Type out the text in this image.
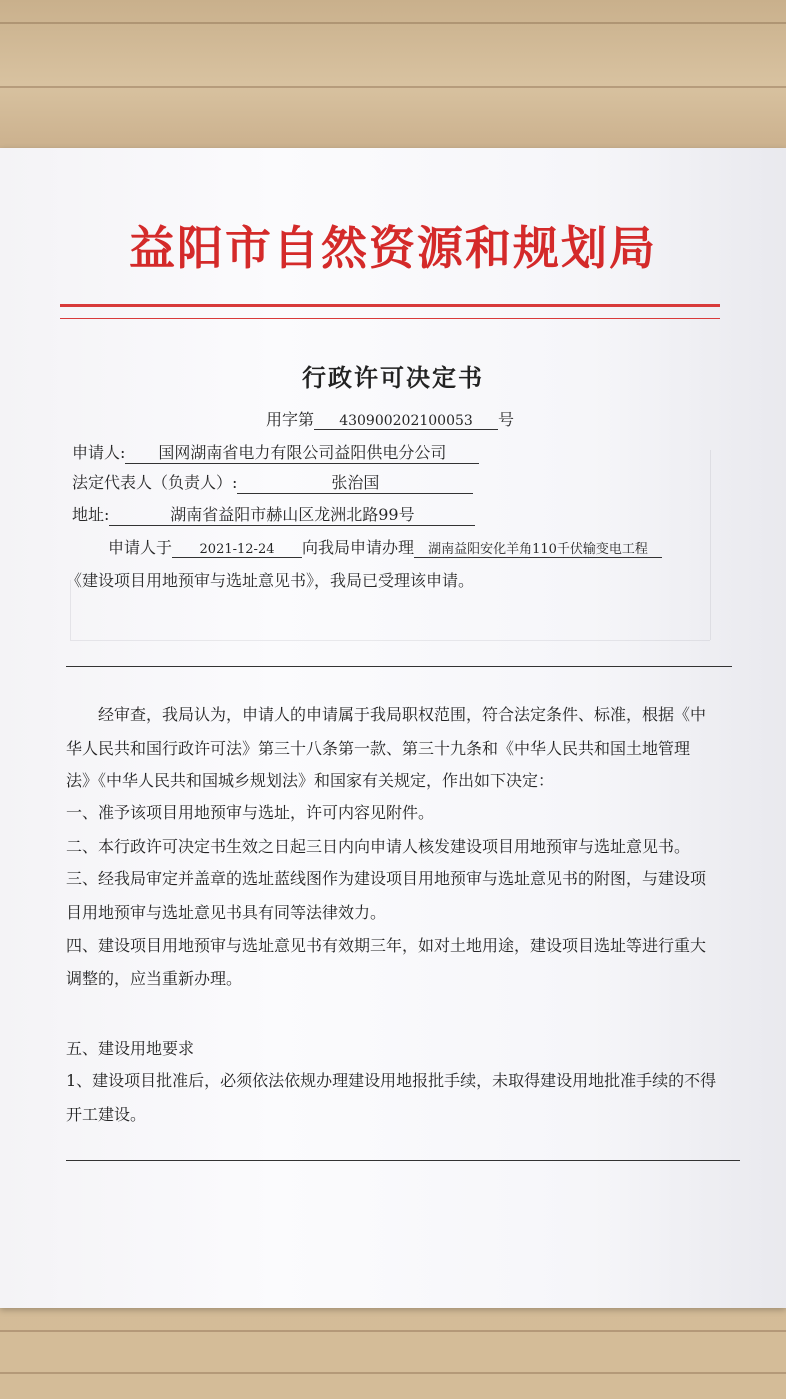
益阳市自然资源和规划局
行政许可决定书
用字第 430900202100053 号
申请人: 国网湖南省电力有限公司益阳供电分公司
法定代表人（负责人）:	张治国
地址:	湖南省益阳市赫山区龙洲北路99号
申请人于 2021-12-24 向我局申请办理 湖南益阳安化羊角110千伏输变电工程
《建设项目用地预审与选址意见书》，我局已受理该申请。
经审查，我局认为，申请人的申请属于我局职权范围，符合法定条件、标准，根据《中
华人民共和国行政许可法》第三十八条第一款、第三十九条和《中华人民共和国土地管理
法》《中华人民共和国城乡规划法》和国家有关规定，作出如下决定：
一、准予该项目用地预审与选址，许可内容见附件。
二、本行政许可决定书生效之日起三日内向申请人核发建设项目用地预审与选址意见书。
三、经我局审定并盖章的选址蓝线图作为建设项目用地预审与选址意见书的附图，与建设项
目用地预审与选址意见书具有同等法律效力。
四、建设项目用地预审与选址意见书有效期三年，如对土地用途，建设项目选址等进行重大
调整的，应当重新办理。
五、建设用地要求
1、建设项目批准后，必须依法依规办理建设用地报批手续，未取得建设用地批准手续的不得
开工建设。
